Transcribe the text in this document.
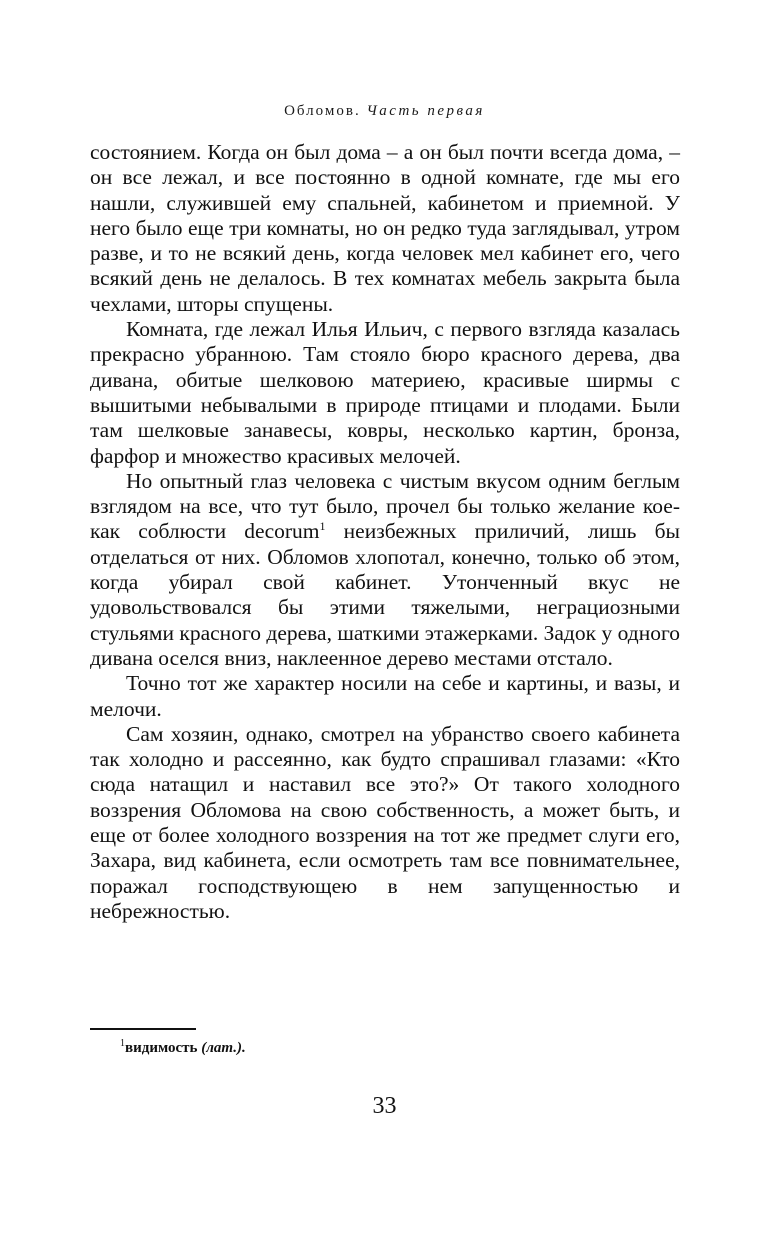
Обломов. Часть первая

состоянием. Когда он был дома – а он был почти всегда дома, – он все лежал, и все постоянно в одной комнате, где мы его нашли, служившей ему спальней, кабинетом и приемной. У него было еще три комнаты, но он редко туда заглядывал, утром разве, и то не всякий день, когда человек мел кабинет его, чего всякий день не делалось. В тех комнатах мебель закрыта была чехлами, шторы спущены.

Комната, где лежал Илья Ильич, с первого взгляда казалась прекрасно убранною. Там стояло бюро красного дерева, два дивана, обитые шелковою материею, красивые ширмы с вышитыми небывалыми в природе птицами и плодами. Были там шелковые занавесы, ковры, несколько картин, бронза, фарфор и множество красивых мелочей.

Но опытный глаз человека с чистым вкусом одним беглым взглядом на все, что тут было, прочел бы только желание кое-как соблюсти decorum$^1$ неизбежных приличий, лишь бы отделаться от них. Обломов хлопотал, конечно, только об этом, когда убирал свой кабинет. Утонченный вкус не удовольствовался бы этими тяжелыми, неграциозными стульями красного дерева, шаткими этажерками. Задок у одного дивана оселся вниз, наклеенное дерево местами отстало.

Точно тот же характер носили на себе и картины, и вазы, и мелочи.

Сам хозяин, однако, смотрел на убранство своего кабинета так холодно и рассеянно, как будто спрашивал глазами: «Кто сюда натащил и наставил все это?» От такого холодного воззрения Обломова на свою собственность, а может быть, и еще от более холодного воззрения на тот же предмет слуги его, Захара, вид кабинета, если осмотреть там все повнимательнее, поражал господствующею в нем запущенностью и небрежностью.

$^1$видимость (лат.).
33
